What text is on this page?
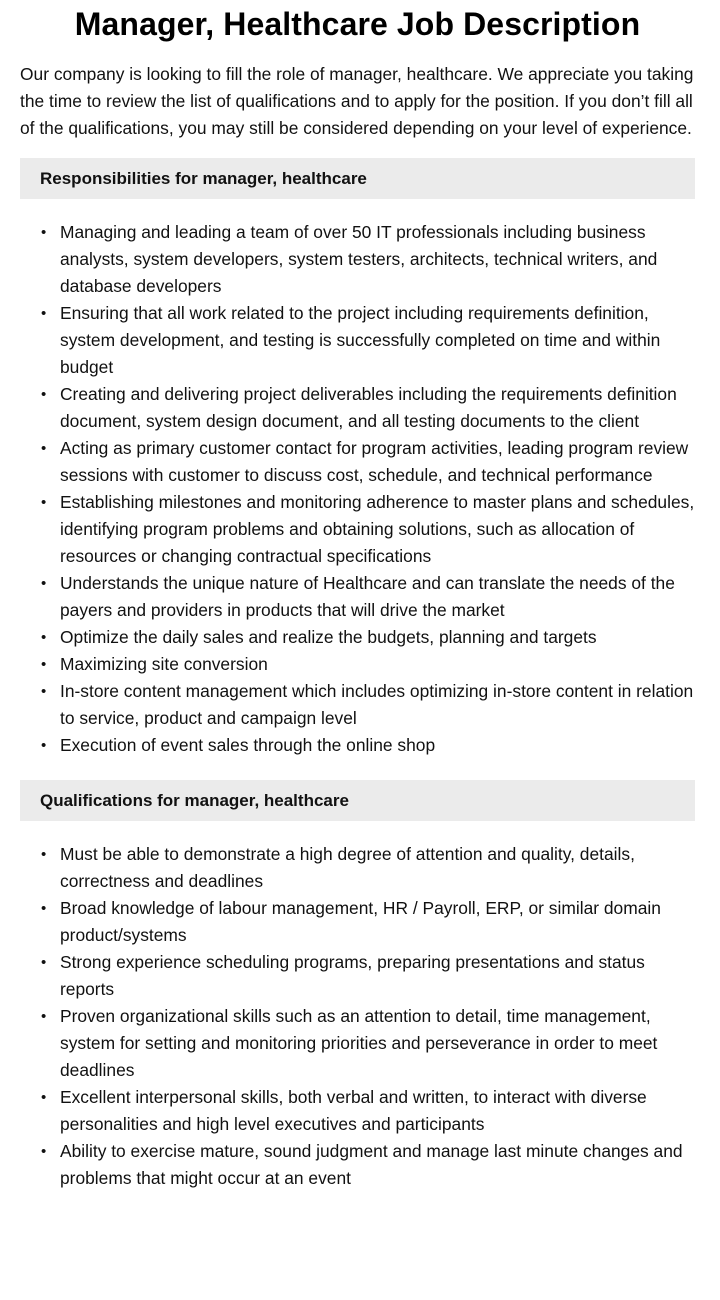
Manager, Healthcare Job Description

Our company is looking to fill the role of manager, healthcare. We appreciate you taking the time to review the list of qualifications and to apply for the position. If you don’t fill all of the qualifications, you may still be considered depending on your level of experience.

Responsibilities for manager, healthcare
• Managing and leading a team of over 50 IT professionals including business analysts, system developers, system testers, architects, technical writers, and database developers
• Ensuring that all work related to the project including requirements definition, system development, and testing is successfully completed on time and within budget
• Creating and delivering project deliverables including the requirements definition document, system design document, and all testing documents to the client
• Acting as primary customer contact for program activities, leading program review sessions with customer to discuss cost, schedule, and technical performance
• Establishing milestones and monitoring adherence to master plans and schedules, identifying program problems and obtaining solutions, such as allocation of resources or changing contractual specifications
• Understands the unique nature of Healthcare and can translate the needs of the payers and providers in products that will drive the market
• Optimize the daily sales and realize the budgets, planning and targets
• Maximizing site conversion
• In-store content management which includes optimizing in-store content in relation to service, product and campaign level
• Execution of event sales through the online shop
Qualifications for manager, healthcare
• Must be able to demonstrate a high degree of attention and quality, details, correctness and deadlines
• Broad knowledge of labour management, HR / Payroll, ERP, or similar domain product/systems
• Strong experience scheduling programs, preparing presentations and status reports
• Proven organizational skills such as an attention to detail, time management, system for setting and monitoring priorities and perseverance in order to meet deadlines
• Excellent interpersonal skills, both verbal and written, to interact with diverse personalities and high level executives and participants
• Ability to exercise mature, sound judgment and manage last minute changes and problems that might occur at an event
